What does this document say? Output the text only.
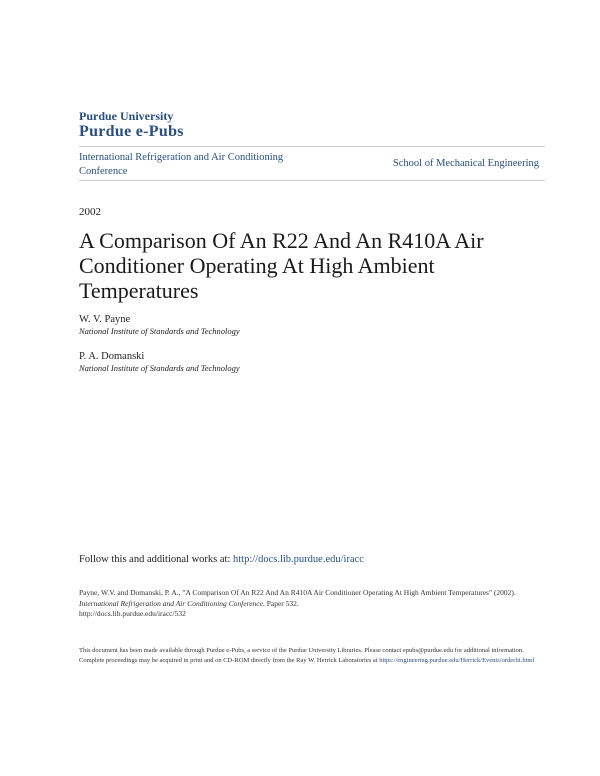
Purdue University
Purdue e-Pubs
International Refrigeration and Air Conditioning Conference
School of Mechanical Engineering
2002
A Comparison Of An R22 And An R410A Air Conditioner Operating At High Ambient Temperatures
W. V. Payne
National Institute of Standards and Technology
P. A. Domanski
National Institute of Standards and Technology
Follow this and additional works at: http://docs.lib.purdue.edu/iracc
Payne, W.V. and Domanski, P. A., "A Comparison Of An R22 And An R410A Air Conditioner Operating At High Ambient Temperatures" (2002). International Refrigeration and Air Conditioning Conference. Paper 532.
http://docs.lib.purdue.edu/iracc/532
This document has been made available through Purdue e-Pubs, a service of the Purdue University Libraries. Please contact epubs@purdue.edu for additional information.
Complete proceedings may be acquired in print and on CD-ROM directly from the Ray W. Herrick Laboratories at https://engineering.purdue.edu/Herrick/Events/orderlit.html
